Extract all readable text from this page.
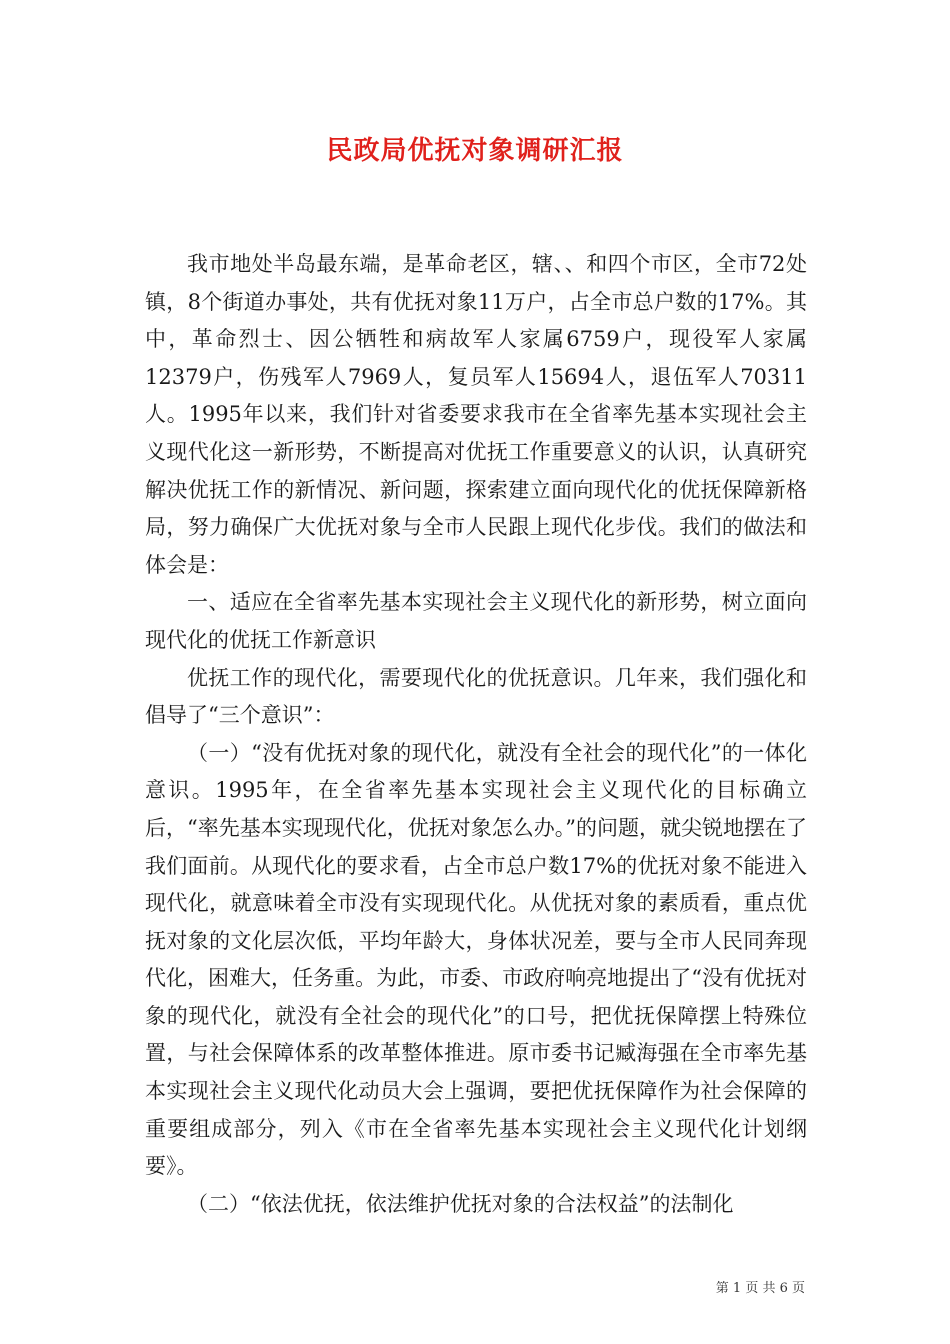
民政局优抚对象调研汇报

我市地处半岛最东端，是革命老区，辖、、和四个市区，全市72处镇，8个街道办事处，共有优抚对象11万户，占全市总户数的17%。其中，革命烈士、因公牺牲和病故军人家属6759户，现役军人家属12379户，伤残军人7969人，复员军人15694人，退伍军人70311人。1995年以来，我们针对省委要求我市在全省率先基本实现社会主义现代化这一新形势，不断提高对优抚工作重要意义的认识，认真研究解决优抚工作的新情况、新问题，探索建立面向现代化的优抚保障新格局，努力确保广大优抚对象与全市人民跟上现代化步伐。我们的做法和体会是：

一、适应在全省率先基本实现社会主义现代化的新形势，树立面向现代化的优抚工作新意识

优抚工作的现代化，需要现代化的优抚意识。几年来，我们强化和倡导了“三个意识”：

（一）“没有优抚对象的现代化，就没有全社会的现代化”的一体化意识。1995年，在全省率先基本实现社会主义现代化的目标确立后，“率先基本实现现代化，优抚对象怎么办。”的问题，就尖锐地摆在了我们面前。从现代化的要求看，占全市总户数17%的优抚对象不能进入现代化，就意味着全市没有实现现代化。从优抚对象的素质看，重点优抚对象的文化层次低，平均年龄大，身体状况差，要与全市人民同奔现代化，困难大，任务重。为此，市委、市政府响亮地提出了“没有优抚对象的现代化，就没有全社会的现代化”的口号，把优抚保障摆上特殊位置，与社会保障体系的改革整体推进。原市委书记臧海强在全市率先基本实现社会主义现代化动员大会上强调，要把优抚保障作为社会保障的重要组成部分，列入《市在全省率先基本实现社会主义现代化计划纲要》。

（二）“依法优抚，依法维护优抚对象的合法权益”的法制化

第 1 页 共 6 页
